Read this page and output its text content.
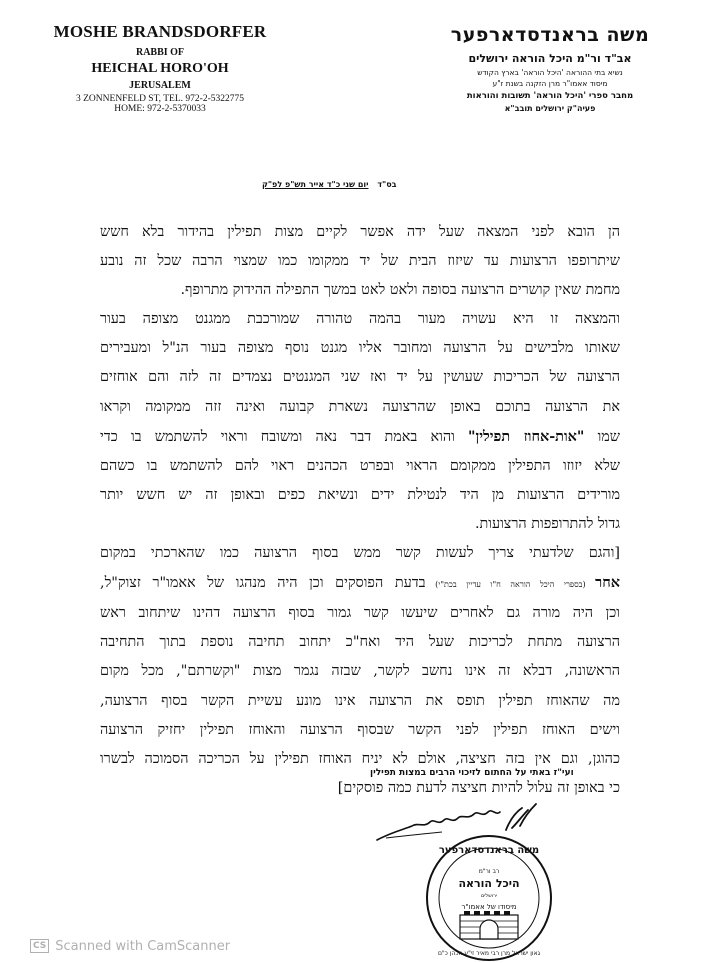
MOSHE BRANDSDORFER
RABBI OF
HEICHAL HORO'OH
JERUSALEM
3 ZONNENFELD ST, TEL. 972-2-5322775
HOME: 972-2-5370033
משה בראנדסדארפער
אב"ד ור"מ היכל הוראה ירושלים
נשיא בתי ההוראה 'היכל הוראה' בארץ הקודש
מיסוד אאמו"ר מרן הזקנה בשנת ז"ע
מחבר ספרי 'היכל הוראה' תשובות והוראות
פעיה"ק ירושלים תובב"א
בס"ד יום שני כ"ד אייר תש"פ לפ"ק

הן הובא לפני המצאה שעל ידה אפשר לקיים מצות תפילין בהידור בלא חשש
שיתרופפו הרצועות עד שיזוז הבית של יד ממקומו כמו שמצוי הרבה שכל זה נובע
מחמת שאין קושרים הרצועה בסופה ולאט לאט במשך התפילה ההידוק מתרופף.

והמצאה זו היא עשויה מעור בהמה טהורה שמורכבת ממגנט מצופה בעור
שאותו מלבישים על הרצועה ומחובר אליו מגנט נוסף מצופה בעור הנ"ל ומעבירים
הרצועה של הכריכות שעושין על יד ואז שני המגנטים נצמדים זה לזה והם אוחזים
את הרצועה בתוכם באופן שהרצועה נשארת קבועה ואינה זזה ממקומה וקראו
שמו "אות-אחוז תפילין" והוא באמת דבר נאה ומשובח וראוי להשתמש בו כדי
שלא יזוזו התפילין ממקומם הראוי ובפרט הכהנים ראוי להם להשתמש בו כשהם
מורידים הרצועות מן היד לנטילת ידים ונשיאת כפים ובאופן זה יש חשש יותר
גדול להתרופפות הרצועות.

[והגם שלדעתי צריך לעשות קשר ממש בסוף הרצועה כמו שהארכתי במקום
אחר (בספרי היכל הוראה ח"ו עדיין בכת"י) בדעת הפוסקים וכן היה מנהגו של אאמו"ר זצוק"ל,
וכן היה מורה גם לאחרים שיעשו קשר גמור בסוף הרצועה דהינו שיתחוב ראש
הרצועה מתחת לכריכות שעל היד ואח"כ יתחוב תחיבה נוספת בתוך התחיבה
הראשונה, דבלא זה אינו נחשב לקשר, שבזה נגמר מצות "וקשרתם", מכל מקום
מה שהאוחז תפילין תופס את הרצועה אינו מונע עשיית הקשר בסוף הרצועה,
וישים האוחז תפילין לפני הקשר שבסוף הרצועה והאוחז תפילין יחזיק הרצועה
כהוגן, וגם אין בזה חציצה, אולם לא יניח האוחז תפילין על הכריכה הסמוכה לבשרו
כי באופן זה עלול להיות חציצה לדעת כמה פוסקים]

ועי"ז באתי על החתום לזיכוי הרבים במצות תפילין
משה בראנדסדארפער
רב ור"מ
היכל הוראה
ירושלים
מיסודו של אאמו"ר
גאון ישראל מרן רבי מאיר זי"ע הכהן כ"ם
CS Scanned with CamScanner
